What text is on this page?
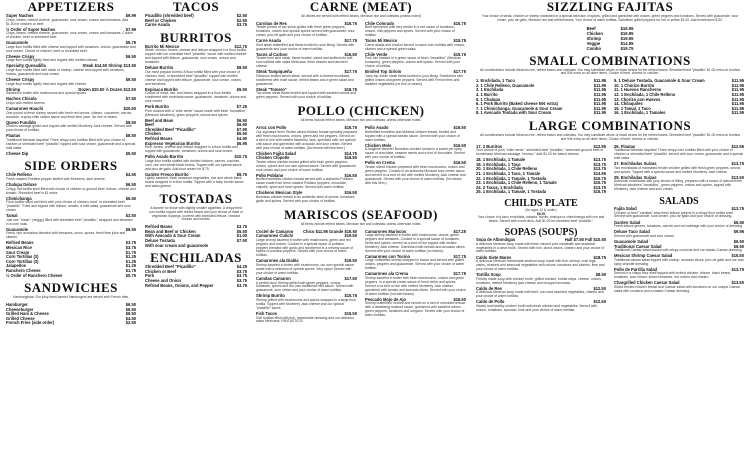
APPETIZERS
Super Nachos	$9.99
Chips, beans, melted cheese, guacamole, sour cream, onions and tomatoes. Add $1.50 for chicken or beef.
½ Order of Super Nachos	$7.99
Chips, beans, melted cheese, guacamole, sour cream, onions and tomatoes. Choice of chicken, beef or shredded beef.
Guacamole	$9.75
Large flour tortilla filled with cheese and topped with tomatoes, onions, guacamole and sour cream. Choice of chicken, beef or shredded beef.
Cheese Crispy	$6.50
Large flour tortilla lightly fried and topped with melted cheese.
Specialty Quesadilla	Steak $14.50 Shrimp $13.50
Large flour tortilla filled with steak or shrimp, cheese and topped with tomatoes, onions, guacamole and sour cream.
Cheese Crispy	$9.50
Large flour tortilla lightly fried and topped with cheese.
Shrimp	Dozen $20.50 ½ Dozen $12.50
Sautéed in butter with mushrooms and special spices.
Nachos Chicola	$7.50
Chips with melted cheese.
Camarones Huachi	$20.50
One pound of fresh shrimp served with fresh red onions, cilantro, cucumber, carrots, avocado, a spicy chile cactus sauce and fresh lime juice. No rice or beans.
Queso Fundido	$9.50
Chorizo sausage grilled and topped with melted Monterey Jack cheese. Served with your choice of tortillas.
Flautas	$8.50
Traditional Mexican taquitos! Three crispy corn tortillas filled with your choice of chicken or shredded beef "picadillo" topped with sour cream, guacamole and a special mild salsa.
Cheese Dip	$5.50
SIDE ORDERS
Chile Relleno	$4.50
Fresh roasted Poblano pepper stuffed with Monterey Jack cheese.
Chalupa Deluxe	$6.50
Crispy, flat tortilla shell filled with choice of chicken or ground beef, lettuce, cheese and tomato. Shredded beef is $1 extra.
Chimichanga	$6.50
Flour tortilla rolled and fried with your choice of chicken, beef, or shredded beef "picadillo." Fried and topped with lettuce, tomato, a mild salsa, guacamole and sour cream.
Tamal	$3.50
Just one "mean" (muggy) filled with shredded beef "picadillo," wrapped and steamed in a corn husk.
Guacamole	$6.50
Fresh, ripe avocados blended with tomatoes, onion, spices, fresh lime juice and cilantro.
Refried Beans	$3.75
Mexican Rice	$3.75
Sour Cream	$1.75
Corn Tortillas (3)	$1.25
Corn Tortillas (3)	$1.25
Jalapeños	$1.25
Ranchero Cheese	$1.75
½ Order of Ranchero Cheese	$0.75
SANDWICHES
Hamburgesas: Our juicy hand-formed hamburgers are served with French fries.
Hamburger	$6.50
Cheeseburger	$6.50
Grilled Ham & Cheese	$6.50
Grilled Cheese	$4.50
French Fries (side order)	$2.50
TACOS
Picadillo (shredded beef)	$2.50
Beef or Chicken	$2.50
Carne Asada	$3.75
BURRITOS
Burrito Mi Mexico	$12.75
Steak, chorizo, beans, cheese and lettuce wrapped in a flour tortilla, topped with our shredded beef "picadillo" sauce with melted cheese and topped with lettuce, guacamole, sour cream, onions and tomatoes.
Deluxe Burrito	$9.50
Our most popular burrito! A flour tortilla filled with your choice of chicken, beef, or shredded beef "picadillo" topped with melted cheese and topped with lettuce, guacamole, sour cream, onions and tomatoes.
Espinaca Burrito	$9.50
Choice of meat, rice, and beans wrapped in a flour tortilla smothered with enchilada sauce, guacamole, tomatoes, onions and sour cream.
Pork Burrito	$7.25
Pork cooked with a "chile verde" sauce made with fresh "tomatillos" (Mexican tomatoes), green peppers, onions and spices.
Beef and Bean	$6.50
Beef	$6.90
Shredded Beef "Picadillo"	$7.90
Chicken	$6.50
Refried Beans	$4.90
Expresso Vegetarian Burrito	$6.95
Rice, beans, cheese and lettuce wrapped in a flour tortilla and topped with guacamole, tomatoes, onions and sour cream.
Pollo Asado Burrito	$10.75
Large flour tortilla stuffed with broiled chicken, carrots, zucchini, corn, rice and whole black beans. Topped with our special sauce and pico de gallo. Add sour cream for $.75.
Garden Fresco Burrito	$9.75
Lightly sautéed, fresh seasonal vegetables, rice and whole black beans wrapped in a flour tortilla. Topped with a tasty burrito sauce and salsa greens.
TOSTADAS
A favorite for those with slightly smaller appetites. A crispy fried corn tortilla topped with refried beans and your choice of meat or vegetarian toppings, covered with shredded lettuce, cheddar cheese and tomato.
Refried Beans	$3.75
Bean and Beef or Chicken	$5.50
With Avocado & Sour Cream	$1.00
Deluxe Tostada	$7.50
With sour cream and guacamole
ENCHILADAS
Shredded Beef "Picadillo"	$4.25
Chicken or Beef	$3.75
Pork	$3.75
Cheese and Onion	$3.75
Refried Beans, Onions, and Pepper	$3.75
CARNE (MEAT)
All dishes are served with refried beans, Mexican rice and coleslaw (unless noted)
Carnitas de Res	$16.75
Tender pieces of top sirloin grilled with fresh green peppers, tomatoes, onions and special spices served with guacamole, sour cream, pico de gallo and your choice of tortillas.
Carne Asada	$17.75
Skirt steak butterflied and flame broiled to your liking. Served with guacamole and your choice of warm tortillas.
Tacos al Carbon	$16.50
Tender beef skirt steak, flame broiled, sliced and stuffed into soft corn tortillas with salsa Mexicana, fresh cilantro and ranchero cheese.
Steak Tampiqueña	$17.75
Delicious broiled sirloin steak, served with a cheese enchilada, smothered with mole sauce, refried beans and a green salad and guacamole.
Steak "Tomero"	$19.75
Top sirloin steak flame broiled and topped with sautéed onions and green peppers. Served with your choice of tortillas.
Chile Colorado	$15.75
Beef simmered until very tender in a red sauce of tomatoes, onions, chili peppers and spices. Served with your choice of tortillas.
Tacos Mi Mexico	$15.75
Carne asada and chorizo served in warm corn tortillas with onions, cilantro and a special green salsa.
Chile Verde	$15.75
Pork loin braised in a green sauce of fresh "tomatillos" (Mexican tomatoes), green peppers, onions and spices. Served with your choice of tortillas.
Broiled Top Sirloin	$17.75
Juicy top sirloin steak flame broiled to your liking. Smothered with grilled onions and green peppers. Served with French fries and sautéed vegetables (no rice or beans).
POLLO (CHICKEN)
All items include refried beans, Mexican rice and coleslaw, unless otherwise noted.
Arroz con Pollo	$16.75
Our signature item! Tender sliced chicken breast specially prepared with fresh mushrooms, onions, green and red peppers. Served on a bed of rice with melted Monterey Jack, sprinkled with our special chili sauce and garnished with avocado and sour cream. Served with your choice of warm tortillas. (No beans with this item.)
Chicken Fajita Salad	$14.75
Chicken Chipotle	$16.50
Tender sliced chicken breast grilled with fresh green peppers, onions, spices and our own special sauce. Served with guacamole, sour cream and your choice of warm tortillas.
Pollo Poblano	$16.50
Broiled boneless chicken breast served with a authentic Poblano sauce made from fresh roasted Poblano peppers, chocolate, chipotle, spice and fresh spices. Served with warm tortillas.
Chickens Mexican Style	$16.50
Boneless chicken breast in an authentic stew of onions, tomatoes, garlic and spices. Served with your choice of tortillas.
Pollo Asado	$16.50
Butterflied boneless and skinless chicken breast, broiled and topped with a special tomato sauce. Served with your choice of warm tortillas.
Chicken Mole	$16.50
A longtime favorite! Boneless chicken breast in a sweet yet spicy sauce of chocolate, sesame seeds and a hint of chocolate. Served with your choice of tortillas.
Pollo en Crema	$16.50
Tender sliced chicken prepared with fresh mushrooms, onions and green peppers. Cooked in an authentic Mexican sour cream sauce and served on a bed of rice with melted Monterey Jack cheese and guacamole. Served with your choice of warm tortillas. (No beans with this item.)
MARISCOS (SEAFOOD)
All items include refried beans, Mexican rice and coleslaw, unless otherwise noted.
Coctel de Camaron Chico $11.95 Grande $16.50
Camarones Culichi	$19.50
Large shrimp sautéed in butter with mushrooms, green and red peppers and onions. Cooked in a special sauce of poblano peppers blended with garlic and smothered in a creamy sauce of spices of poblano peppers. Served with your choice of warm tortillas.
Camarones ala Diabla	$19.50
Shrimp sautéed in butter with mushrooms, our own special sauce made with a selection of special spices. Very spicy! Served with your choice of warm tortillas.
Camitas Camaron	$17.50
A perfect duo! Shrimp grilled with green peppers, onions, tomatoes, spices and our own traditional mild sauce. Served with guacamole, sour cream and your choice of warm tortillas.
Shrimp Burrito	$15.75
Shrimp grilled with mushrooms and spices wrapped in a large flour tortilla. Topped with Monterey Jack cheese and our special "picadillo" sauce.
Fish Tacos	$15.50
Soft tortillas filled with fish, homemade dressing and our delicious salsa Mexicana. FANTASTICO!
Camarones Mariscos	$17.25
Large shrimp sautéed in butter with mushrooms, onions, green peppers and tomatoes. Cooked in a special sauce of tomatoes, herbs and spices, served on a bed of rice topped with melted Monterey Jack cheese. Garnished with tomato and avocado slices. Served with your choice of warm tortillas (no beans).
Camarones con Tocino	$17.75
Large, butterflied shrimp wrapped in bacon and served with grilled onions, peppers and guacamole. Served with your choice of warm tortillas.
Camarones ala Crema	$17.75
Shrimp sautéed in butter with fresh mushrooms, onions and green peppers, in a special cream sauce of fresh herbs and spices. Served on a bed of rice with melted Monterey Jack cheese, garnished with tomato and avocado slices. Served with your choice of warm tortillas (not with beans).
Pescado Mojo de Ajo	$16.50
Shrimp butterflied, broiled and served on a bed of shredded lettuce with a tantalizing seafood sauce, garnished with sautéed onions, green peppers, tomatoes and oregano. Served with your choice of warm tortillas.
SIZZLING FAJITAS
Your choice of steak, chicken or shrimp marinated in a special selection of spices, grilled and garnished with onions, green peppers and tomatoes. Served with guacamole, sour cream, pico de gallo, Mexican rice and refried beans. Your choice of warm tortillas. Substitute grilled peppers for red or yellow $1.00. Add mushrooms $.50.
Beef	$16.95
Chicken	$16.95
Shrimp	$19.95
Veggie	$14.95
Combo	$19.75
SMALL COMBINATIONS
All combinations include Mexican rice, refried beans and coleslaw. You may substitute whole or black beans for the refried beans. Shredded beef "picadillo" $1.00 extra on burritos and 50¢ extra on all other items. Choice of beef, cheese or chicken.
1. Enchilada, 1 Taco	$11.95
2. 1 Chile Relleno, Guacamole	$11.95
3. 1 Enchilada	$11.95
4. 1 Burrito	$11.95
5. 1 Chalupa	$11.95
6. 1 Pork Burrito (Baked cheese 50¢ extra)	$11.95
7. 1 Chimichanga, Guacamole & Sour Cream	$11.95
8. 1 Avocado Tostada with Sour Cream	$11.95
9. 1 Deluxe Tostada, Guacamole & Sour Cream	$11.95
10. 1 Chorizo Burrito	$11.95
11. 1 Huevos Rancheros	$11.95
12. 1 Enchilada, 1 Chile Relleno	$11.95
13. Chorizo con Huevos	$11.95
14. Chilaquiles	$11.95
15. 1 Tamal, 1 Taco	$11.95
16. 1 Enchilada, 1 Tamales	$11.95
LARGE COMBINATIONS
All combinations include Mexican rice, refried beans and coleslaw. You may substitute whole or black beans for the refried beans. Shredded beef "picadillo" $1.00 extra on burritos and 50¢ extra on all other items. Choice of beef, cheese or chicken.
17. 2 Burritos	$12.95
Your choice of pork "chile verde," shredded beef "picadillo," seasoned ground beef or homemade Mexican sausage "chorizo." Add $1.00 for baked cheese.
18. 1 Enchilada, 1 Tamale	$13.75
19. 1 Enchilada, 1 Taco	$13.75
20. 1 Enchilada, 1 Chile Relleno	$13.75
21. 1 Enchilada, 1 Taco, 1 Tamale	$14.95
22. 1 Enchilada, 1 Tamale, 1 Tostada	$15.75
23. 1 Enchilada, 1 Chile Relleno, 1 Tamale	$15.75
24. 2 Tacos, 1 Enchilada	$13.75
25. 1 Enchilada, 1 Tamale, 1 Tostada	$15.75
CHILDS PLATE
(for ages 12 & under)
$6.95
Your choice of a taco, enchilada, tostada, burrito, chalupa or chimichanga with rice and beans. Served with a soft drink. Add $1.00 for shredded beef "picadillo".
SOPAS (SOUPS)
Sopa de Albondigas	Half $7.50 Full $10.50
A delicious Mexican soup made with fresh minced pork meatballs and seasonal vegetables in a clear broth. Served with rice, diced onions, cilantro and your choice of warm tortillas.
Caldo Siete Mares	$18.75
A delicious Mexican homemade seafood soup made with fish, shrimp, crab legs, clams, mussels and seasonal vegetables with onions, tomatoes and cilantro, lime and your choice of warm tortillas.
Tortilla Soup	$8.50
Freshly made soup with chicken broth, grilled chicken, tortilla strips, cheese, onions, tomatoes, melted Monterey jack cheese and chopped avocado.
Caldo de Res	$12.50
A delicious Mexican soup made with beef, corn and assorted vegetables, cilantro and your choice of warm tortillas.
Caldo de Pollo	$12.50
Hearty and healthy chicken broth with fresh chicken and vegetables. Served with onions, tomatoes, avocado, lime and your choice of warm tortillas.
26. Flautas	$12.95
Traditional Mexican taquitos! Three crispy corn tortillas filled with your choice of chicken or shredded beef "picadillo" served with sour cream, guacamole and a special mild salsa.
27. Enchiladas Suizas	$13.75
Two enchiladas of marinated tender chicken grilled with fresh green peppers, onions and spices. Topped with a special sauce and melted Monterey Jack cheese.
28. Enchiladas Suizas	$13.50
Authentic enchiladas with your choice of filling, prepared with a sauce of special fresh Mexican tomatoes "tomatillos", green peppers, onions and spices, topped with Monterey Jack cheese and sour cream.
SALADS
Fajita Salad	$13.75
Chicken or beef "carnitas" atop fresh lettuce greens in a crispy flour tortilla shell. Served with guacamole, sour cream, pico de gallo and your choice of dressing.
Garden Salad	$6.50
Fresh lettuce greens, tomatoes, carrots and red cabbage with your choice of dressing.
Deluxe Taco Salad	$9.95
Served with guacamole and sour cream.
Guacamole Salad	$6.50
Traditional Caesar Salad	$6.50
Traditional Caesar salad tossed with crispy croutons and our classic Caesar dressing.
Mexican Shrimp Caesar Salad	$15.50
Traditional caesar salad topped with shrimp, avocado slices, pico de gallo and our own spicy chipotle dressing.
Pollo de Parrilla Salad	$13.75
Served in a crispy flour shell topped with broiled chicken, lettuce, black beans, tomatoes, sour cream, sliced tomatoes, red onions and cilantro.
Chargrilled Chicken Caesar Salad	$13.50
Sliced broiled chicken breast and Caesar salad with tomatoes on our unique Caesar salad with croutons and a classic Caesar dressing.
